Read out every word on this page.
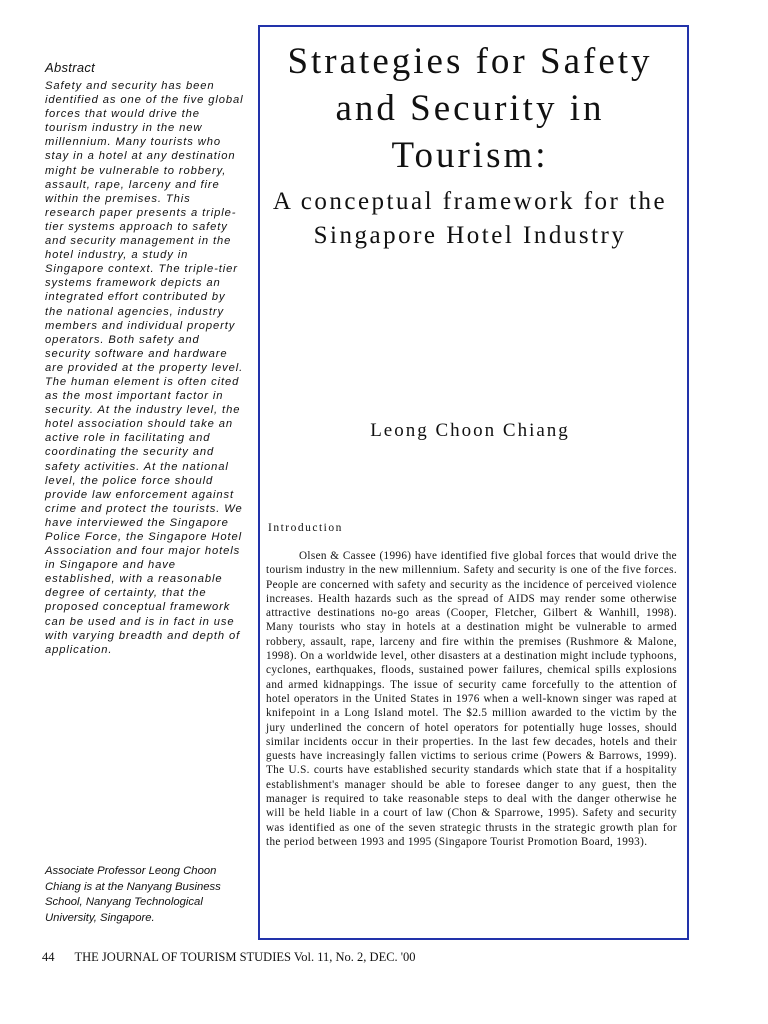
Abstract

Safety and security has been identified as one of the five global forces that would drive the tourism industry in the new millennium. Many tourists who stay in a hotel at any destination might be vulnerable to robbery, assault, rape, larceny and fire within the premises. This research paper presents a triple-tier systems approach to safety and security management in the hotel industry, a study in Singapore context. The triple-tier systems framework depicts an integrated effort contributed by the national agencies, industry members and individual property operators. Both safety and security software and hardware are provided at the property level. The human element is often cited as the most important factor in security. At the industry level, the hotel association should take an active role in facilitating and coordinating the security and safety activities. At the national level, the police force should provide law enforcement against crime and protect the tourists. We have interviewed the Singapore Police Force, the Singapore Hotel Association and four major hotels in Singapore and have established, with a reasonable degree of certainty, that the proposed conceptual framework can be used and is in fact in use with varying breadth and depth of application.

Associate Professor Leong Choon Chiang is at the Nanyang Business School, Nanyang Technological University, Singapore.

Strategies for Safety and Security in Tourism:
A conceptual framework for the Singapore Hotel Industry

Leong Choon Chiang

Introduction

Olsen & Cassee (1996) have identified five global forces that would drive the tourism industry in the new millennium. Safety and security is one of the five forces. People are concerned with safety and security as the incidence of perceived violence increases. Health hazards such as the spread of AIDS may render some otherwise attractive destinations no-go areas (Cooper, Fletcher, Gilbert & Wanhill, 1998). Many tourists who stay in hotels at a destination might be vulnerable to armed robbery, assault, rape, larceny and fire within the premises (Rushmore & Malone, 1998). On a worldwide level, other disasters at a destination might include typhoons, cyclones, earthquakes, floods, sustained power failures, chemical spills explosions and armed kidnappings. The issue of security came forcefully to the attention of hotel operators in the United States in 1976 when a well-known singer was raped at knifepoint in a Long Island motel. The $2.5 million awarded to the victim by the jury underlined the concern of hotel operators for potentially huge losses, should similar incidents occur in their properties. In the last few decades, hotels and their guests have increasingly fallen victims to serious crime (Powers & Barrows, 1999). The U.S. courts have established security standards which state that if a hospitality establishment's manager should be able to foresee danger to any guest, then the manager is required to take reasonable steps to deal with the danger otherwise he will be held liable in a court of law (Chon & Sparrowe, 1995). Safety and security was identified as one of the seven strategic thrusts in the strategic growth plan for the period between 1993 and 1995 (Singapore Tourist Promotion Board, 1993).

44 THE JOURNAL OF TOURISM STUDIES Vol. 11, No. 2, DEC. '00
